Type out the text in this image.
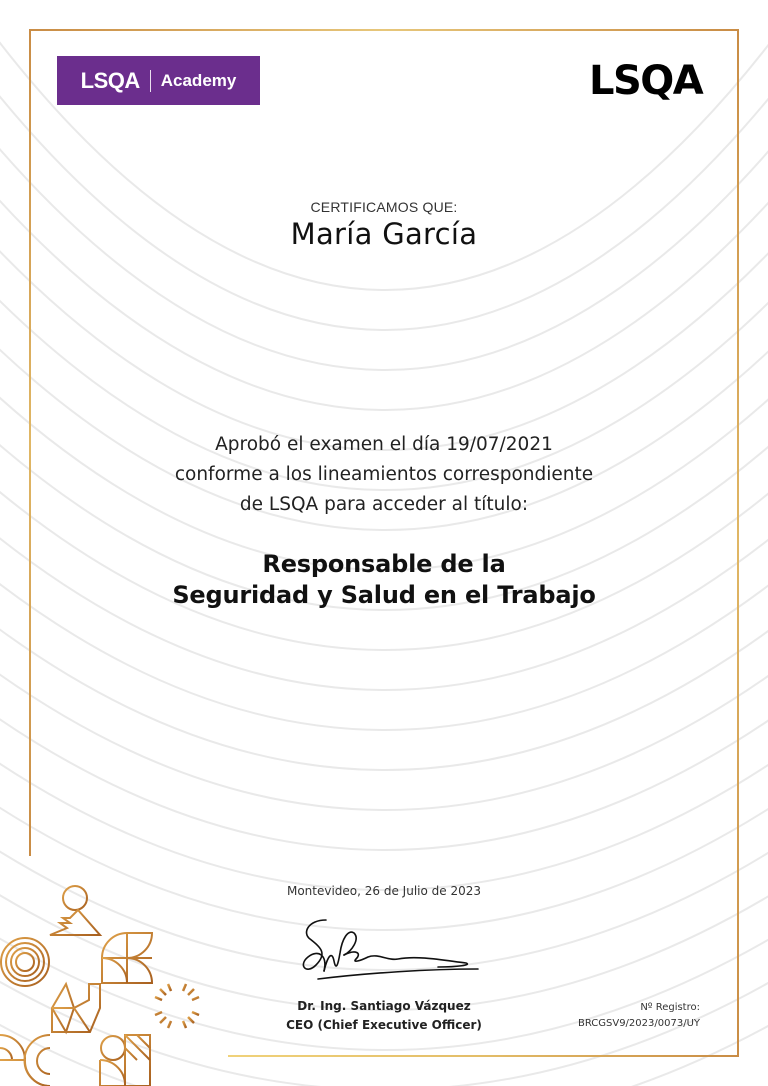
LSQA Academy	LSQA
CERTIFICAMOS QUE:
María García
Aprobó el examen el día 19/07/2021
conforme a los lineamientos correspondiente
de LSQA para acceder al título:
Responsable de la
Seguridad y Salud en el Trabajo
Montevideo, 26 de Julio de 2023
Dr. Ing. Santiago Vázquez
CEO (Chief Executive Officer)
Nº Registro:
BRCGSV9/2023/0073/UY
